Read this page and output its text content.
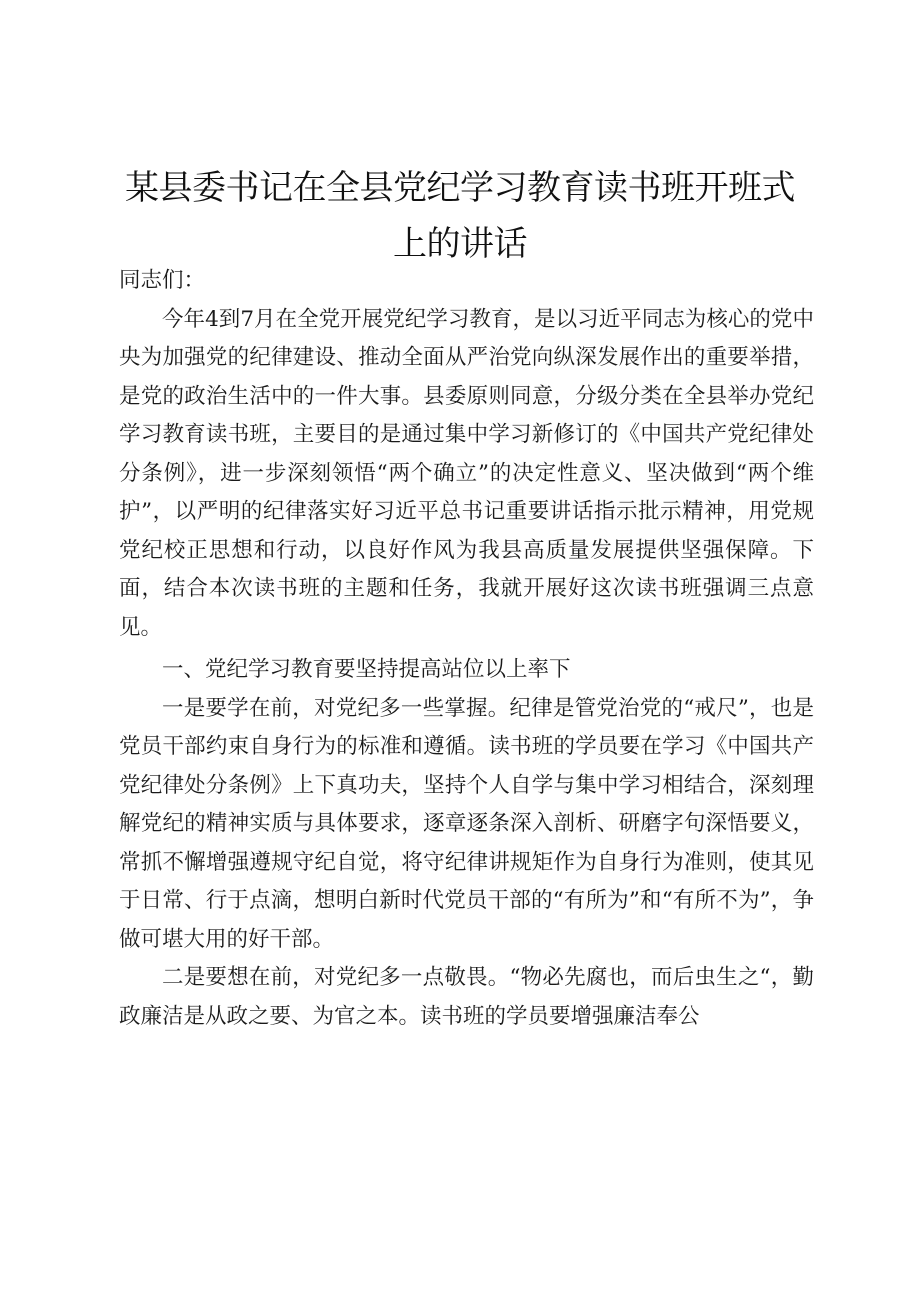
某县委书记在全县党纪学习教育读书班开班式
上的讲话

同志们：

今年4到7月在全党开展党纪学习教育，是以习近平同志为核心的党中央为加强党的纪律建设、推动全面从严治党向纵深发展作出的重要举措，是党的政治生活中的一件大事。县委原则同意，分级分类在全县举办党纪学习教育读书班，主要目的是通过集中学习新修订的《中国共产党纪律处分条例》，进一步深刻领悟“两个确立”的决定性意义、坚决做到“两个维护”，以严明的纪律落实好习近平总书记重要讲话指示批示精神，用党规党纪校正思想和行动，以良好作风为我县高质量发展提供坚强保障。下面，结合本次读书班的主题和任务，我就开展好这次读书班强调三点意见。

一、党纪学习教育要坚持提高站位以上率下

一是要学在前，对党纪多一些掌握。纪律是管党治党的“戒尺”，也是党员干部约束自身行为的标准和遵循。读书班的学员要在学习《中国共产党纪律处分条例》上下真功夫，坚持个人自学与集中学习相结合，深刻理解党纪的精神实质与具体要求，逐章逐条深入剖析、研磨字句深悟要义，常抓不懈增强遵规守纪自觉，将守纪律讲规矩作为自身行为准则，使其见于日常、行于点滴，想明白新时代党员干部的“有所为”和“有所不为”，争做可堪大用的好干部。

二是要想在前，对党纪多一点敬畏。“物必先腐也，而后虫生之“，勤政廉洁是从政之要、为官之本。读书班的学员要增强廉洁奉公
